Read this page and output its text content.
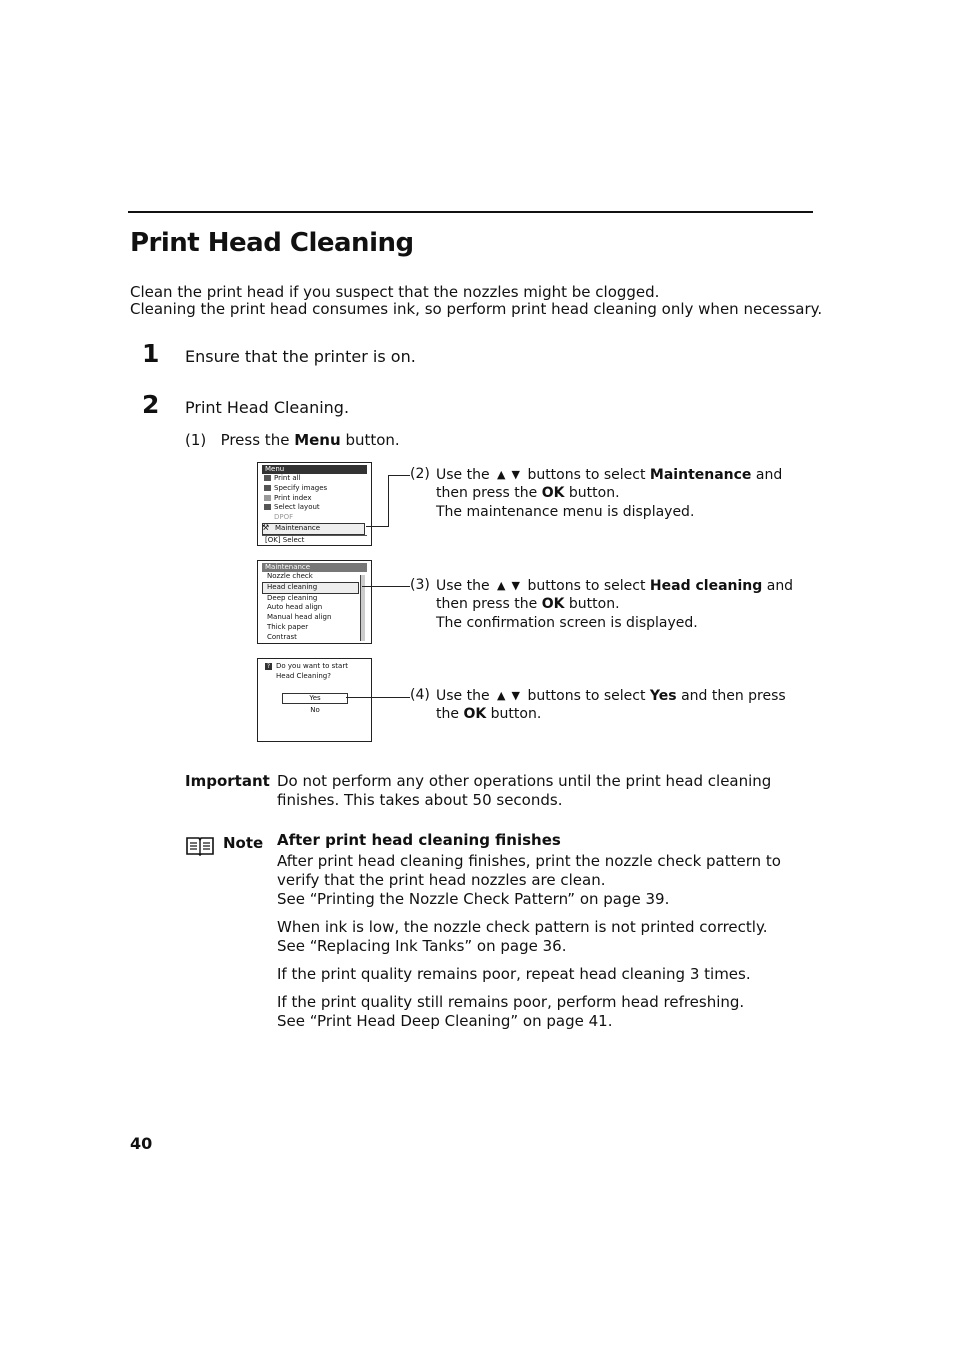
Print Head Cleaning
Clean the print head if you suspect that the nozzles might be clogged.
Cleaning the print head consumes ink, so perform print head cleaning only when necessary.
1 Ensure that the printer is on.
2 Print Head Cleaning.
(1) Press the Menu button.
Menu
Print all
Specify images
Print index
Select layout
DPOF
⚒ Maintenance
[OK] Select
Maintenance
Nozzle check
Head cleaning
Deep cleaning
Auto head align
Manual head align
Thick paper
Contrast
? Do you want to start
Head Cleaning?
Yes
No
(2) Use the ▲ ▼ buttons to select Maintenance and
then press the OK button.
The maintenance menu is displayed.
(3) Use the ▲ ▼ buttons to select Head cleaning and
then press the OK button.
The confirmation screen is displayed.
(4) Use the ▲ ▼ buttons to select Yes and then press
the OK button.
Important Do not perform any other operations until the print head cleaning
finishes. This takes about 50 seconds.
Note After print head cleaning finishes
After print head cleaning finishes, print the nozzle check pattern to
verify that the print head nozzles are clean.
See “Printing the Nozzle Check Pattern” on page 39.
When ink is low, the nozzle check pattern is not printed correctly.
See “Replacing Ink Tanks” on page 36.
If the print quality remains poor, repeat head cleaning 3 times.
If the print quality still remains poor, perform head refreshing.
See “Print Head Deep Cleaning” on page 41.
40
